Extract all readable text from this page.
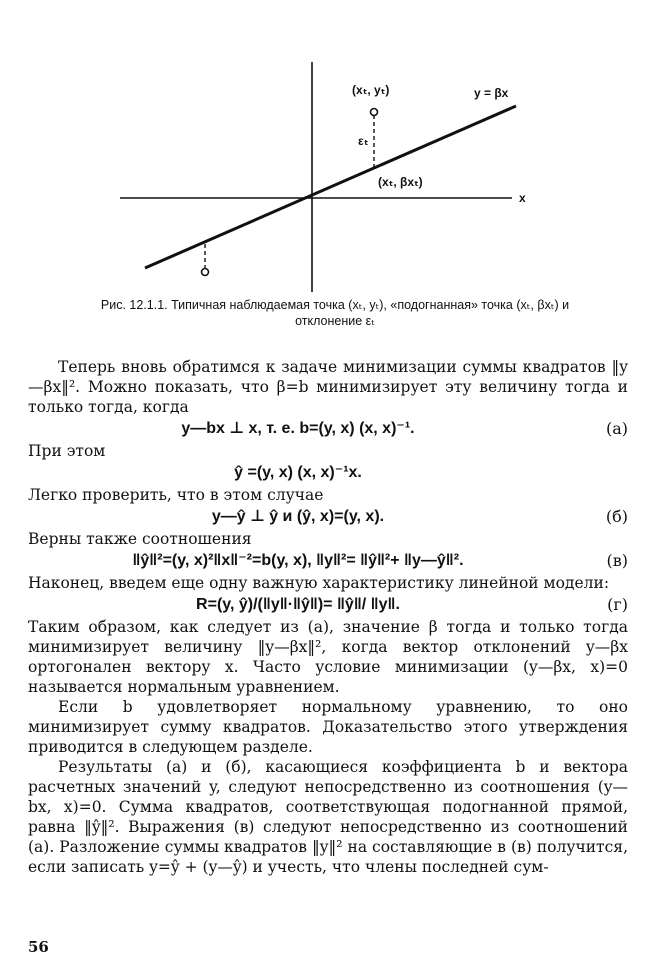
(xₜ, yₜ)	y = βx
εₜ
(xₜ, βxₜ)
x
Рис. 12.1.1. Типичная наблюдаемая точка (xₜ, yₜ), «подогнанная» точка (xₜ, βxₜ) и
отклонение εₜ

Теперь вновь обратимся к задаче минимизации суммы квадратов ‖y—βx‖². Можно показать, что β=b минимизирует эту величину тогда и только тогда, когда

y—bx ⊥ x, т. е. b=(y, x) (x, x)⁻¹.	(а)

При этом

ŷ =(y, x) (x, x)⁻¹x.

Легко проверить, что в этом случае

y—ŷ ⊥ ŷ и (ŷ, x)=(y, x).	(б)

Верны также соотношения

‖ŷ‖²=(y, x)²‖x‖⁻²=b(y, x), ‖y‖²= ‖ŷ‖²+ ‖y—ŷ‖².	(в)

Наконец, введем еще одну важную характеристику линейной модели:

R=(y, ŷ)/(‖y‖·‖ŷ‖)= ‖ŷ‖/ ‖y‖.	(г)

Таким образом, как следует из (а), значение β тогда и только тогда минимизирует величину ‖y—βx‖², когда вектор отклонений y—βx ортогонален вектору x. Часто условие минимизации (y—βx, x)=0 называется нормальным уравнением.

Если b удовлетворяет нормальному уравнению, то оно минимизирует сумму квадратов. Доказательство этого утверждения приводится в следующем разделе.

Результаты (а) и (б), касающиеся коэффициента b и вектора расчетных значений y, следуют непосредственно из соотношения (y—bx, x)=0. Сумма квадратов, соответствующая подогнанной прямой, равна ‖ŷ‖². Выражения (в) следуют непосредственно из соотношений (а). Разложение суммы квадратов ‖y‖² на составляющие в (в) получится, если записать y=ŷ + (y—ŷ) и учесть, что члены последней сум-

56
